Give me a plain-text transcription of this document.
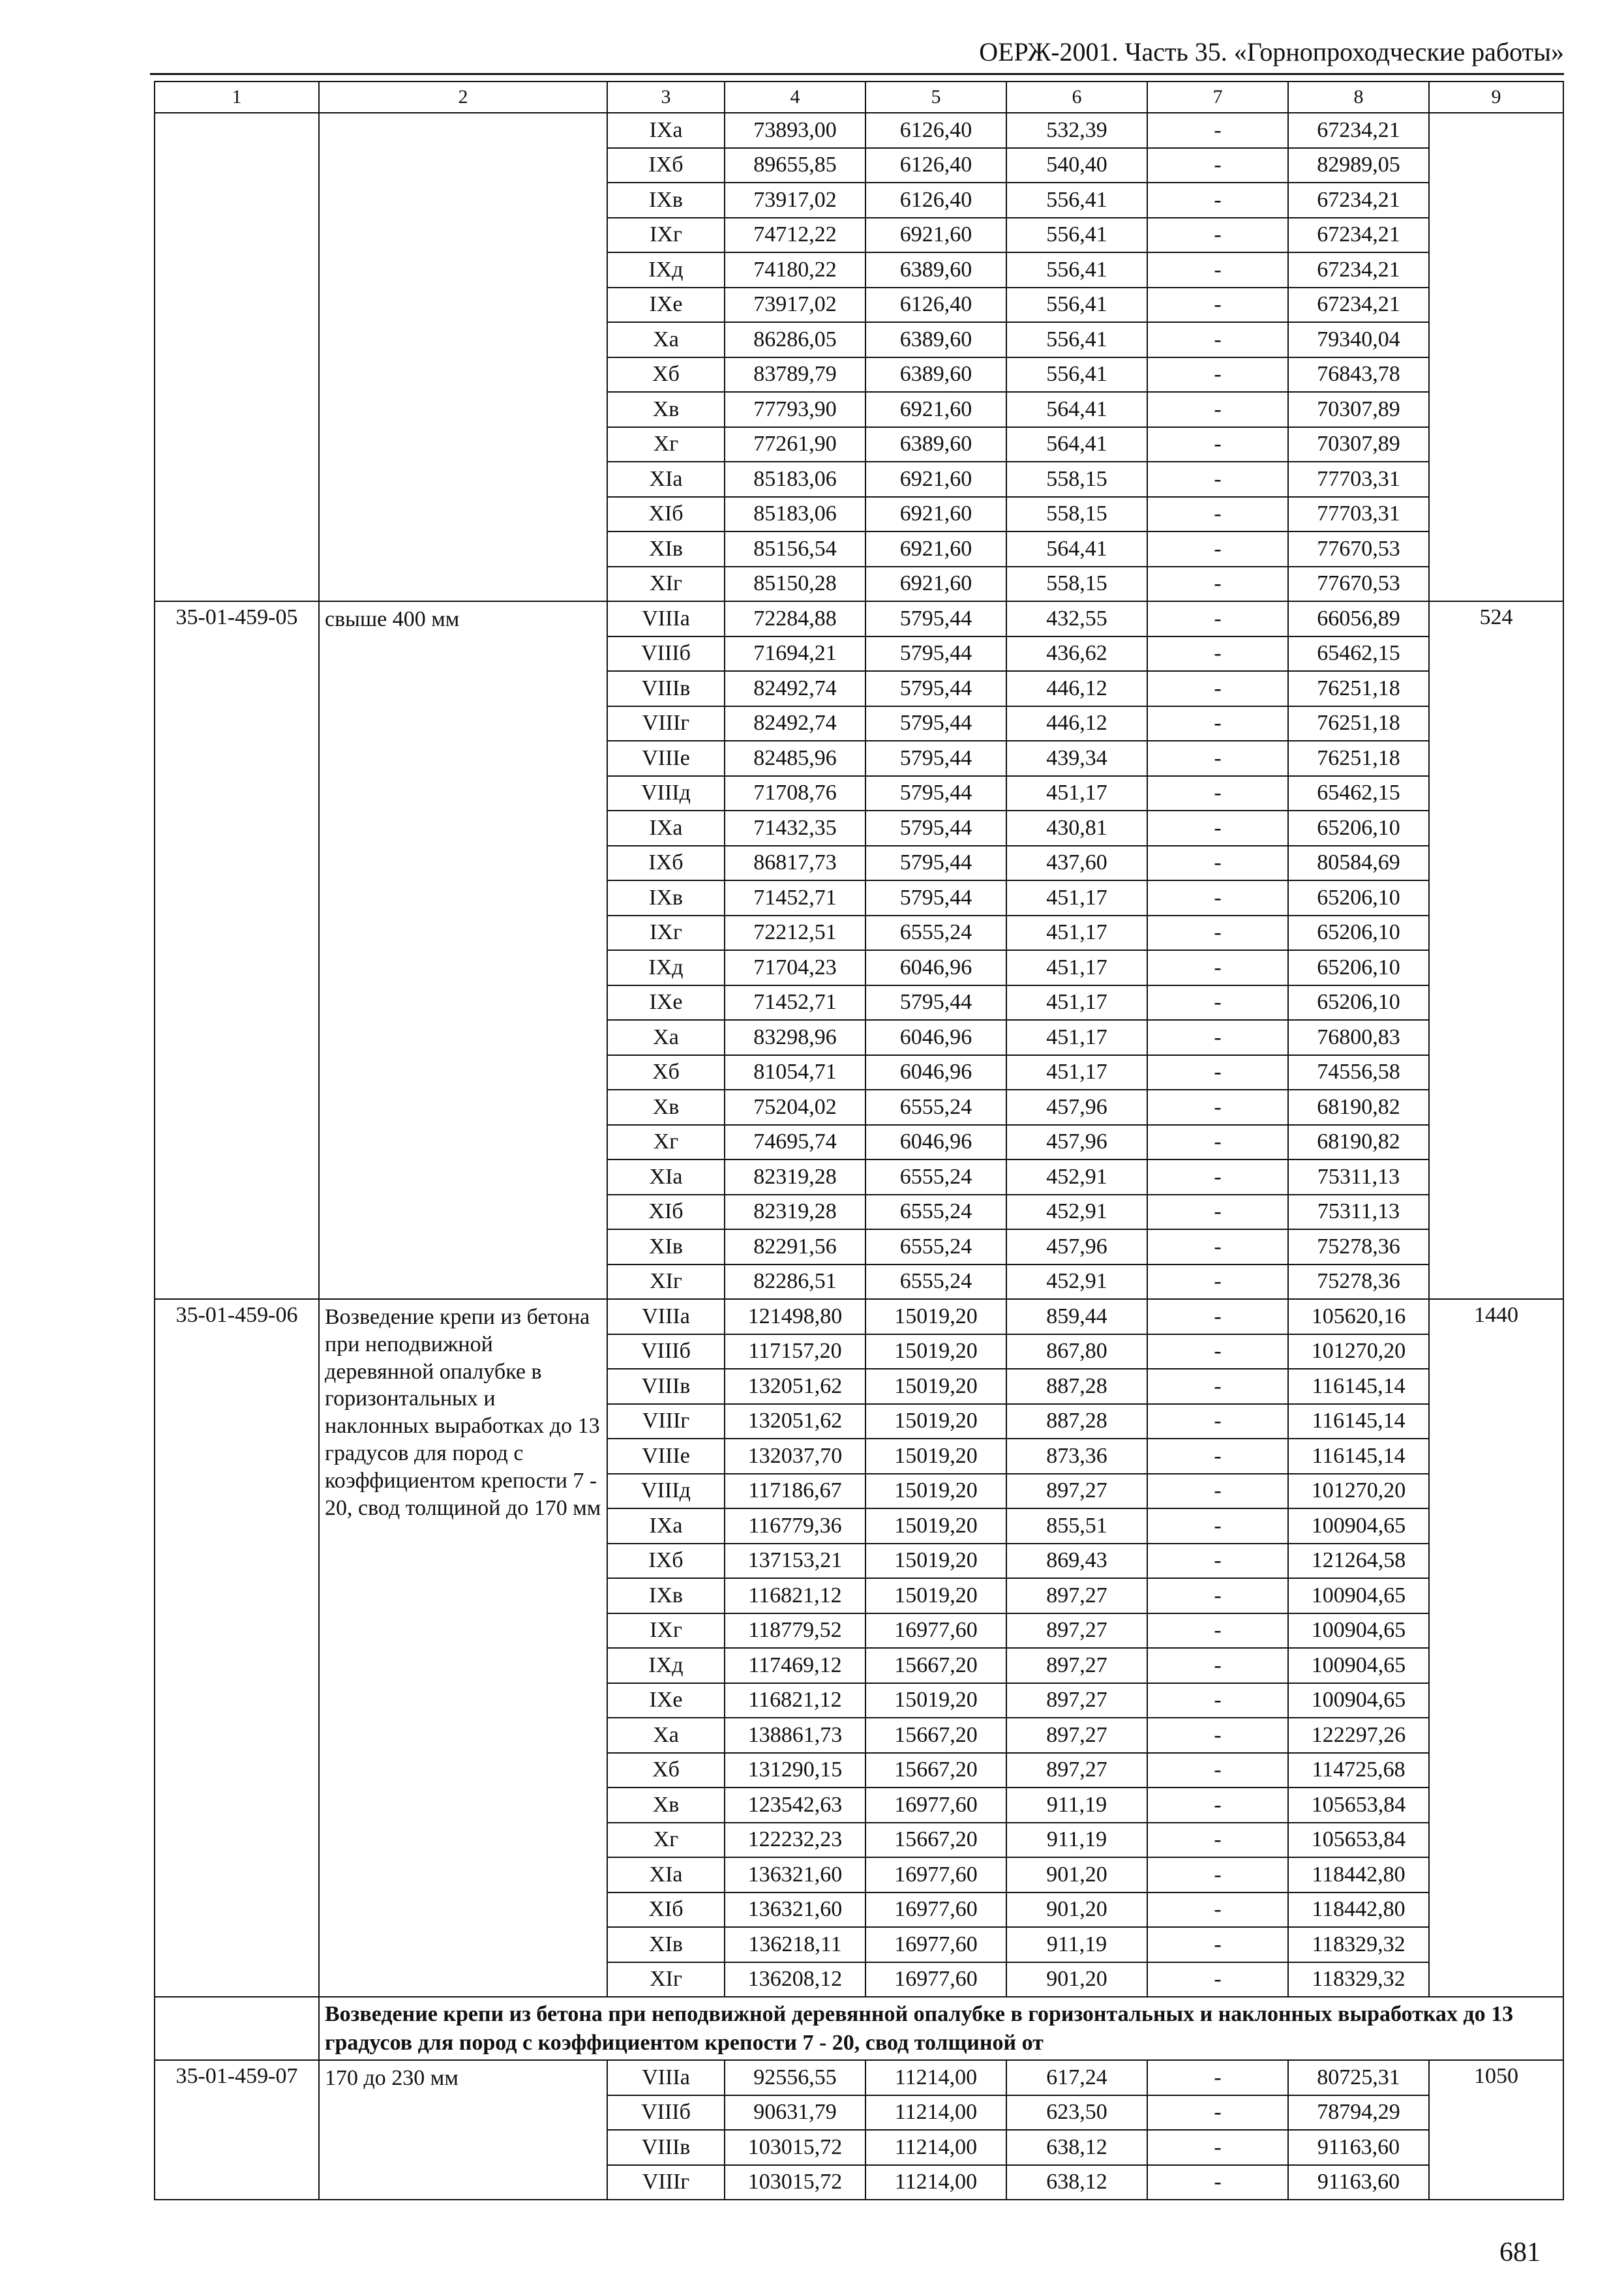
ОЕРЖ-2001. Часть 35. «Горнопроходческие работы»
1	2	3	4	5	6	7	8	9
		IXа	73893,00	6126,40	532,39	-	67234,21	
		IXб	89655,85	6126,40	540,40	-	82989,05	
		IXв	73917,02	6126,40	556,41	-	67234,21	
		IXг	74712,22	6921,60	556,41	-	67234,21	
		IXд	74180,22	6389,60	556,41	-	67234,21	
		IXе	73917,02	6126,40	556,41	-	67234,21	
		Xа	86286,05	6389,60	556,41	-	79340,04	
		Xб	83789,79	6389,60	556,41	-	76843,78	
		Xв	77793,90	6921,60	564,41	-	70307,89	
		Xг	77261,90	6389,60	564,41	-	70307,89	
		XIа	85183,06	6921,60	558,15	-	77703,31	
		XIб	85183,06	6921,60	558,15	-	77703,31	
		XIв	85156,54	6921,60	564,41	-	77670,53	
		XIг	85150,28	6921,60	558,15	-	77670,53	
35-01-459-05	свыше 400 мм	VIIIа	72284,88	5795,44	432,55	-	66056,89	524
		VIIIб	71694,21	5795,44	436,62	-	65462,15	
		VIIIв	82492,74	5795,44	446,12	-	76251,18	
		VIIIг	82492,74	5795,44	446,12	-	76251,18	
		VIIIе	82485,96	5795,44	439,34	-	76251,18	
		VIIIд	71708,76	5795,44	451,17	-	65462,15	
		IXа	71432,35	5795,44	430,81	-	65206,10	
		IXб	86817,73	5795,44	437,60	-	80584,69	
		IXв	71452,71	5795,44	451,17	-	65206,10	
		IXг	72212,51	6555,24	451,17	-	65206,10	
		IXд	71704,23	6046,96	451,17	-	65206,10	
		IXе	71452,71	5795,44	451,17	-	65206,10	
		Xа	83298,96	6046,96	451,17	-	76800,83	
		Xб	81054,71	6046,96	451,17	-	74556,58	
		Xв	75204,02	6555,24	457,96	-	68190,82	
		Xг	74695,74	6046,96	457,96	-	68190,82	
		XIа	82319,28	6555,24	452,91	-	75311,13	
		XIб	82319,28	6555,24	452,91	-	75311,13	
		XIв	82291,56	6555,24	457,96	-	75278,36	
		XIг	82286,51	6555,24	452,91	-	75278,36	
35-01-459-06	Возведение крепи из бетона при неподвижной деревянной опалубке в горизонтальных и наклонных выработках до 13 градусов для пород с коэффициентом крепости 7 - 20, свод толщиной до 170 мм	VIIIа	121498,80	15019,20	859,44	-	105620,16	1440
		VIIIб	117157,20	15019,20	867,80	-	101270,20	
		VIIIв	132051,62	15019,20	887,28	-	116145,14	
		VIIIг	132051,62	15019,20	887,28	-	116145,14	
		VIIIе	132037,70	15019,20	873,36	-	116145,14	
		VIIIд	117186,67	15019,20	897,27	-	101270,20	
		IXа	116779,36	15019,20	855,51	-	100904,65	
		IXб	137153,21	15019,20	869,43	-	121264,58	
		IXв	116821,12	15019,20	897,27	-	100904,65	
		IXг	118779,52	16977,60	897,27	-	100904,65	
		IXд	117469,12	15667,20	897,27	-	100904,65	
		IXе	116821,12	15019,20	897,27	-	100904,65	
		Xа	138861,73	15667,20	897,27	-	122297,26	
		Xб	131290,15	15667,20	897,27	-	114725,68	
		Xв	123542,63	16977,60	911,19	-	105653,84	
		Xг	122232,23	15667,20	911,19	-	105653,84	
		XIа	136321,60	16977,60	901,20	-	118442,80	
		XIб	136321,60	16977,60	901,20	-	118442,80	
		XIв	136218,11	16977,60	911,19	-	118329,32	
		XIг	136208,12	16977,60	901,20	-	118329,32	
	Возведение крепи из бетона при неподвижной деревянной опалубке в горизонтальных и наклонных выработках до 13 градусов для пород с коэффициентом крепости 7 - 20, свод толщиной от							
35-01-459-07	170 до 230 мм	VIIIа	92556,55	11214,00	617,24	-	80725,31	1050
		VIIIб	90631,79	11214,00	623,50	-	78794,29	
		VIIIв	103015,72	11214,00	638,12	-	91163,60	
		VIIIг	103015,72	11214,00	638,12	-	91163,60	
681
